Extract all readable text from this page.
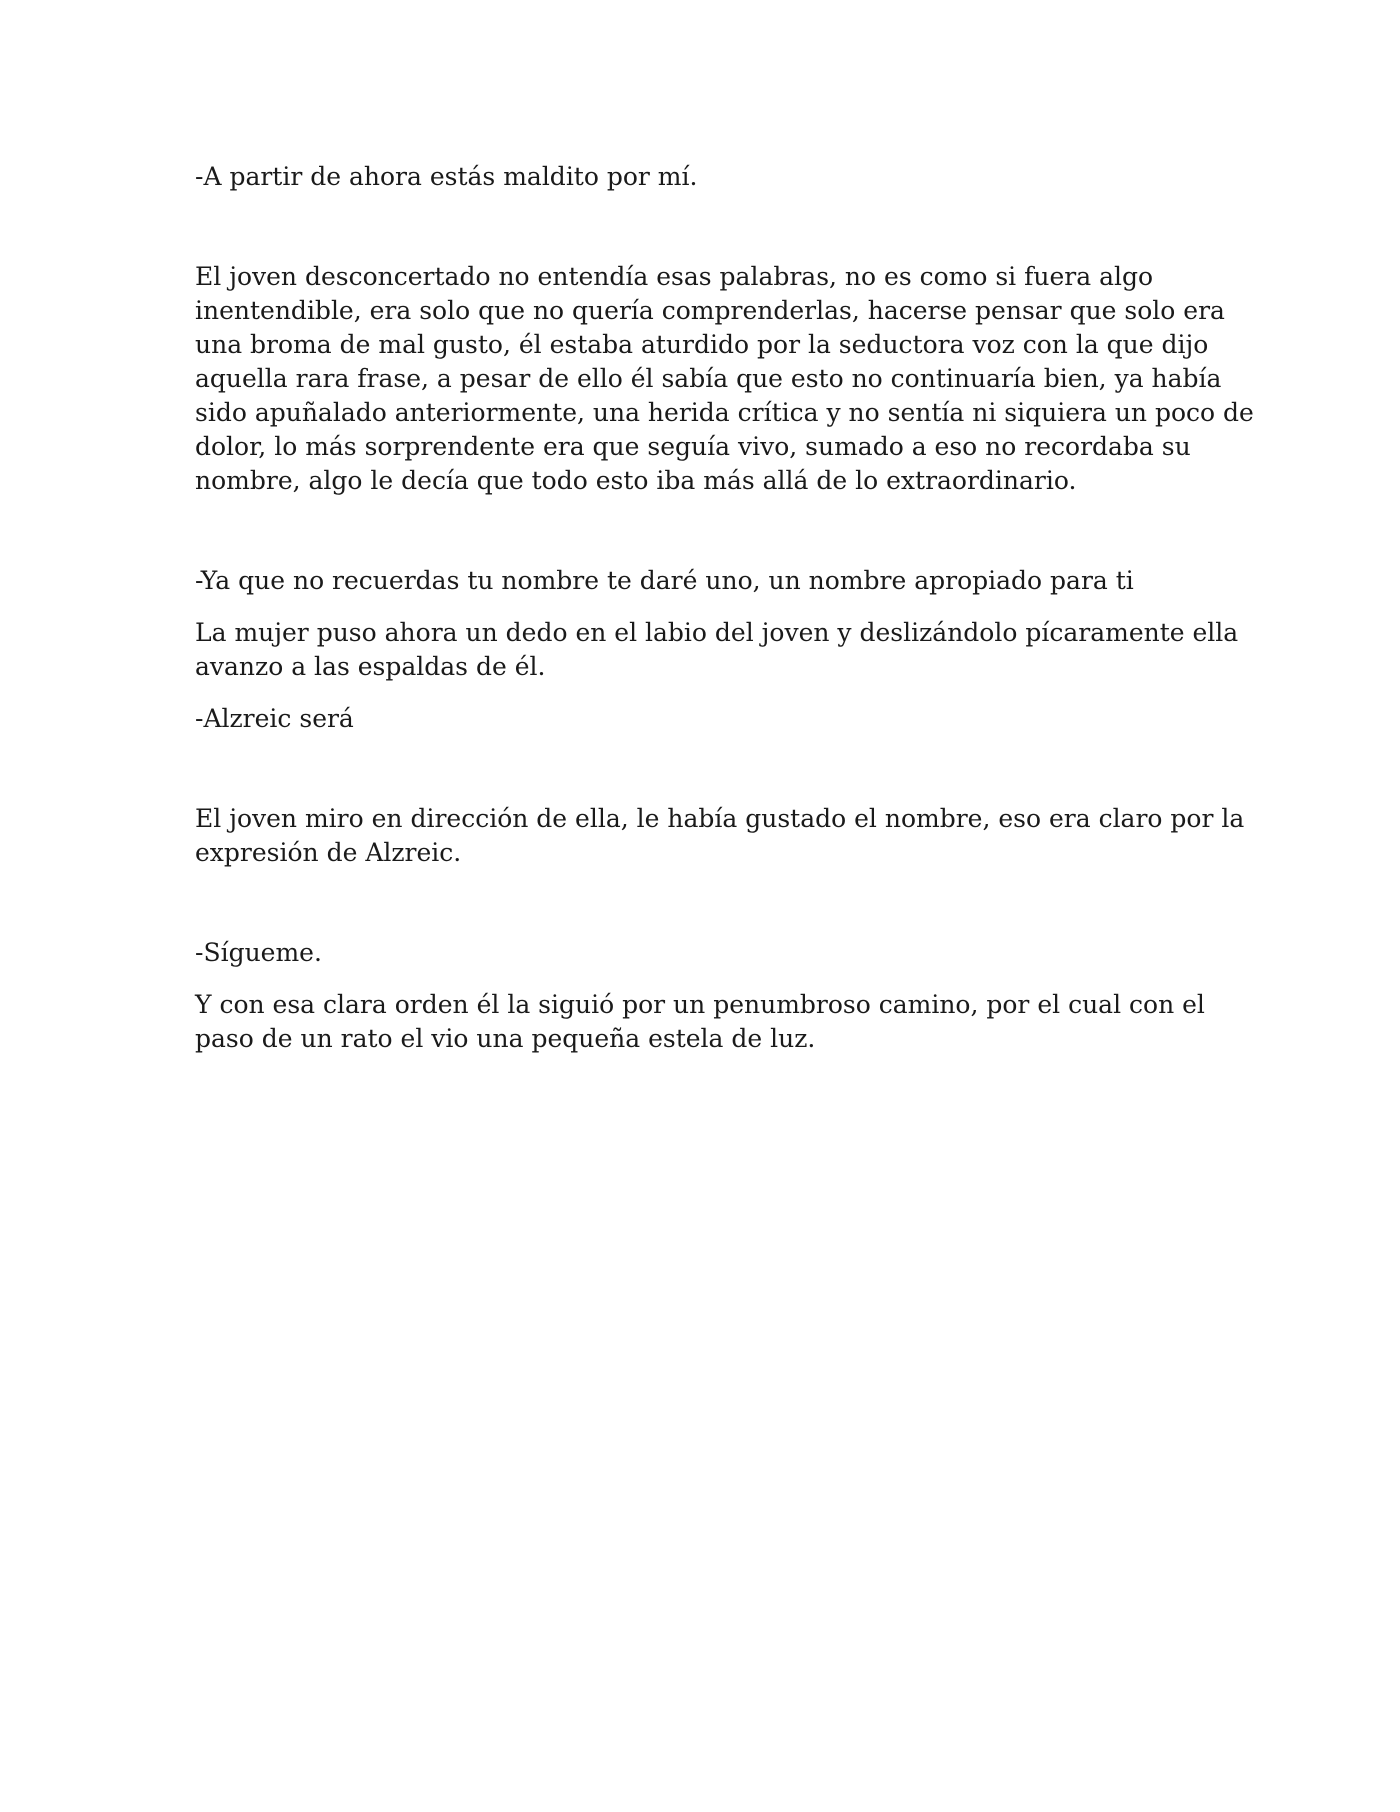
-A partir de ahora estás maldito por mí.

El joven desconcertado no entendía esas palabras, no es como si fuera algo
inentendible, era solo que no quería comprenderlas, hacerse pensar que solo era
una broma de mal gusto, él estaba aturdido por la seductora voz con la que dijo
aquella rara frase, a pesar de ello él sabía que esto no continuaría bien, ya había
sido apuñalado anteriormente, una herida crítica y no sentía ni siquiera un poco de
dolor, lo más sorprendente era que seguía vivo, sumado a eso no recordaba su
nombre, algo le decía que todo esto iba más allá de lo extraordinario.

-Ya que no recuerdas tu nombre te daré uno, un nombre apropiado para ti

La mujer puso ahora un dedo en el labio del joven y deslizándolo pícaramente ella
avanzo a las espaldas de él.

-Alzreic será

El joven miro en dirección de ella, le había gustado el nombre, eso era claro por la
expresión de Alzreic.

-Sígueme.

Y con esa clara orden él la siguió por un penumbroso camino, por el cual con el
paso de un rato el vio una pequeña estela de luz.
